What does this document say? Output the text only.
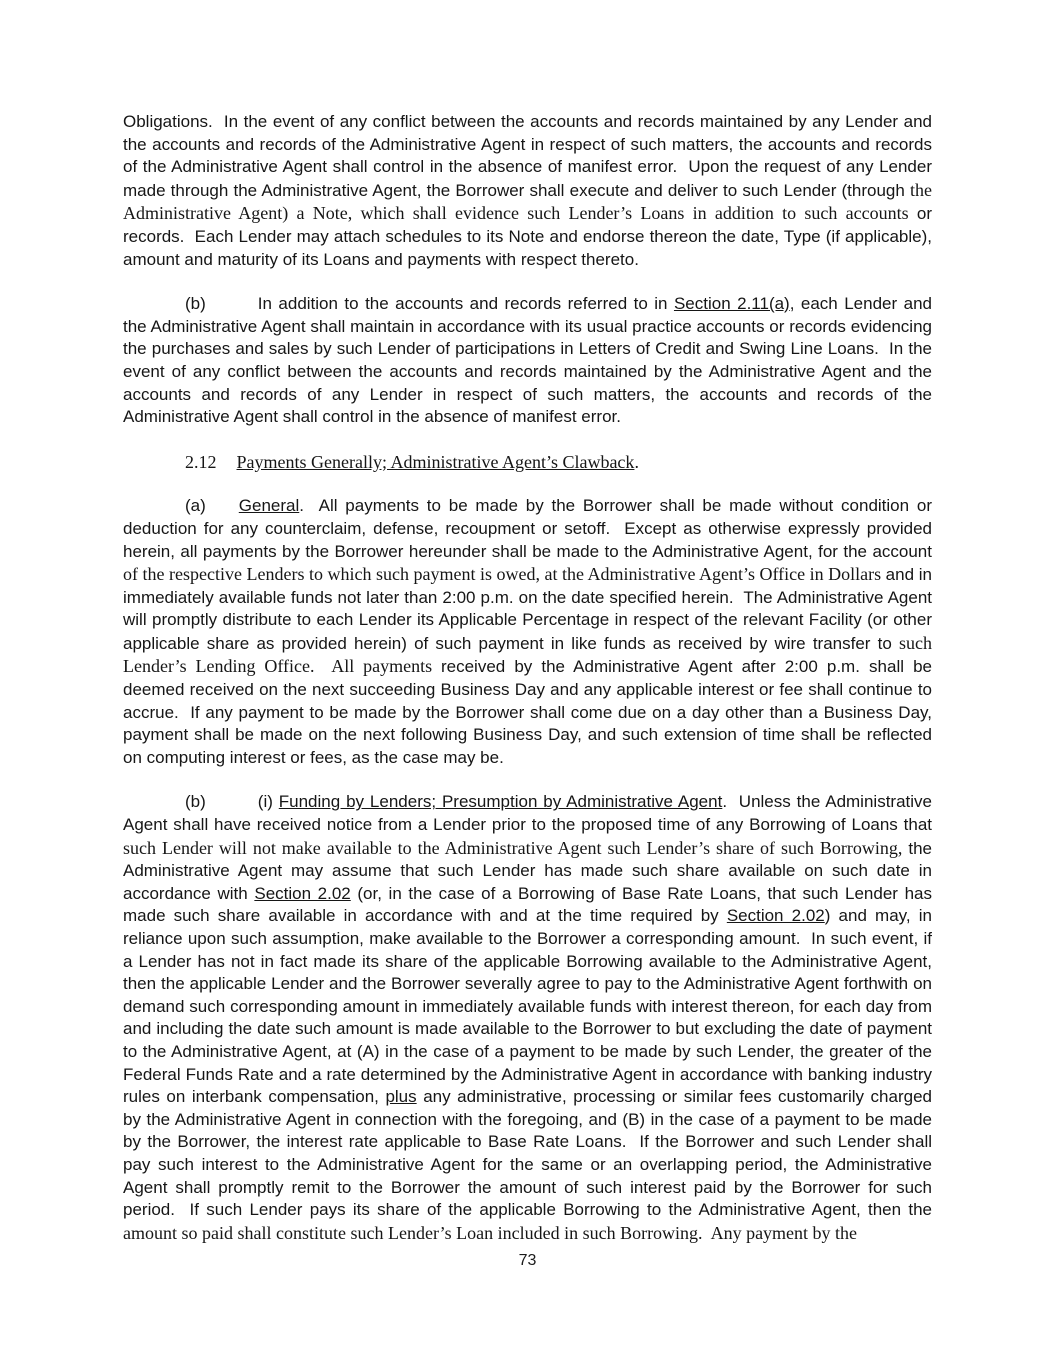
Obligations.  In the event of any conflict between the accounts and records maintained by any Lender and the accounts and records of the Administrative Agent in respect of such matters, the accounts and records of the Administrative Agent shall control in the absence of manifest error.  Upon the request of any Lender made through the Administrative Agent, the Borrower shall execute and deliver to such Lender (through the Administrative Agent) a Note, which shall evidence such Lender’s Loans in addition to such accounts or records.  Each Lender may attach schedules to its Note and endorse thereon the date, Type (if applicable), amount and maturity of its Loans and payments with respect thereto.

(b)	In addition to the accounts and records referred to in Section 2.11(a), each Lender and the Administrative Agent shall maintain in accordance with its usual practice accounts or records evidencing the purchases and sales by such Lender of participations in Letters of Credit and Swing Line Loans.  In the event of any conflict between the accounts and records maintained by the Administrative Agent and the accounts and records of any Lender in respect of such matters, the accounts and records of the Administrative Agent shall control in the absence of manifest error.

2.12 Payments Generally; Administrative Agent’s Clawback.

(a) General.  All payments to be made by the Borrower shall be made without condition or deduction for any counterclaim, defense, recoupment or setoff.  Except as otherwise expressly provided herein, all payments by the Borrower hereunder shall be made to the Administrative Agent, for the account of the respective Lenders to which such payment is owed, at the Administrative Agent’s Office in Dollars and in immediately available funds not later than 2:00 p.m. on the date specified herein.  The Administrative Agent will promptly distribute to each Lender its Applicable Percentage in respect of the relevant Facility (or other applicable share as provided herein) of such payment in like funds as received by wire transfer to such Lender’s Lending Office.  All payments received by the Administrative Agent after 2:00 p.m. shall be deemed received on the next succeeding Business Day and any applicable interest or fee shall continue to accrue.  If any payment to be made by the Borrower shall come due on a day other than a Business Day, payment shall be made on the next following Business Day, and such extension of time shall be reflected on computing interest or fees, as the case may be.

(b)	(i) Funding by Lenders; Presumption by Administrative Agent.  Unless the Administrative Agent shall have received notice from a Lender prior to the proposed time of any Borrowing of Loans that such Lender will not make available to the Administrative Agent such Lender’s share of such Borrowing, the Administrative Agent may assume that such Lender has made such share available on such date in accordance with Section 2.02 (or, in the case of a Borrowing of Base Rate Loans, that such Lender has made such share available in accordance with and at the time required by Section 2.02) and may, in reliance upon such assumption, make available to the Borrower a corresponding amount.  In such event, if a Lender has not in fact made its share of the applicable Borrowing available to the Administrative Agent, then the applicable Lender and the Borrower severally agree to pay to the Administrative Agent forthwith on demand such corresponding amount in immediately available funds with interest thereon, for each day from and including the date such amount is made available to the Borrower to but excluding the date of payment to the Administrative Agent, at (A) in the case of a payment to be made by such Lender, the greater of the Federal Funds Rate and a rate determined by the Administrative Agent in accordance with banking industry rules on interbank compensation, plus any administrative, processing or similar fees customarily charged by the Administrative Agent in connection with the foregoing, and (B) in the case of a payment to be made by the Borrower, the interest rate applicable to Base Rate Loans.  If the Borrower and such Lender shall pay such interest to the Administrative Agent for the same or an overlapping period, the Administrative Agent shall promptly remit to the Borrower the amount of such interest paid by the Borrower for such period.  If such Lender pays its share of the applicable Borrowing to the Administrative Agent, then the amount so paid shall constitute such Lender’s Loan included in such Borrowing.  Any payment by the

73
